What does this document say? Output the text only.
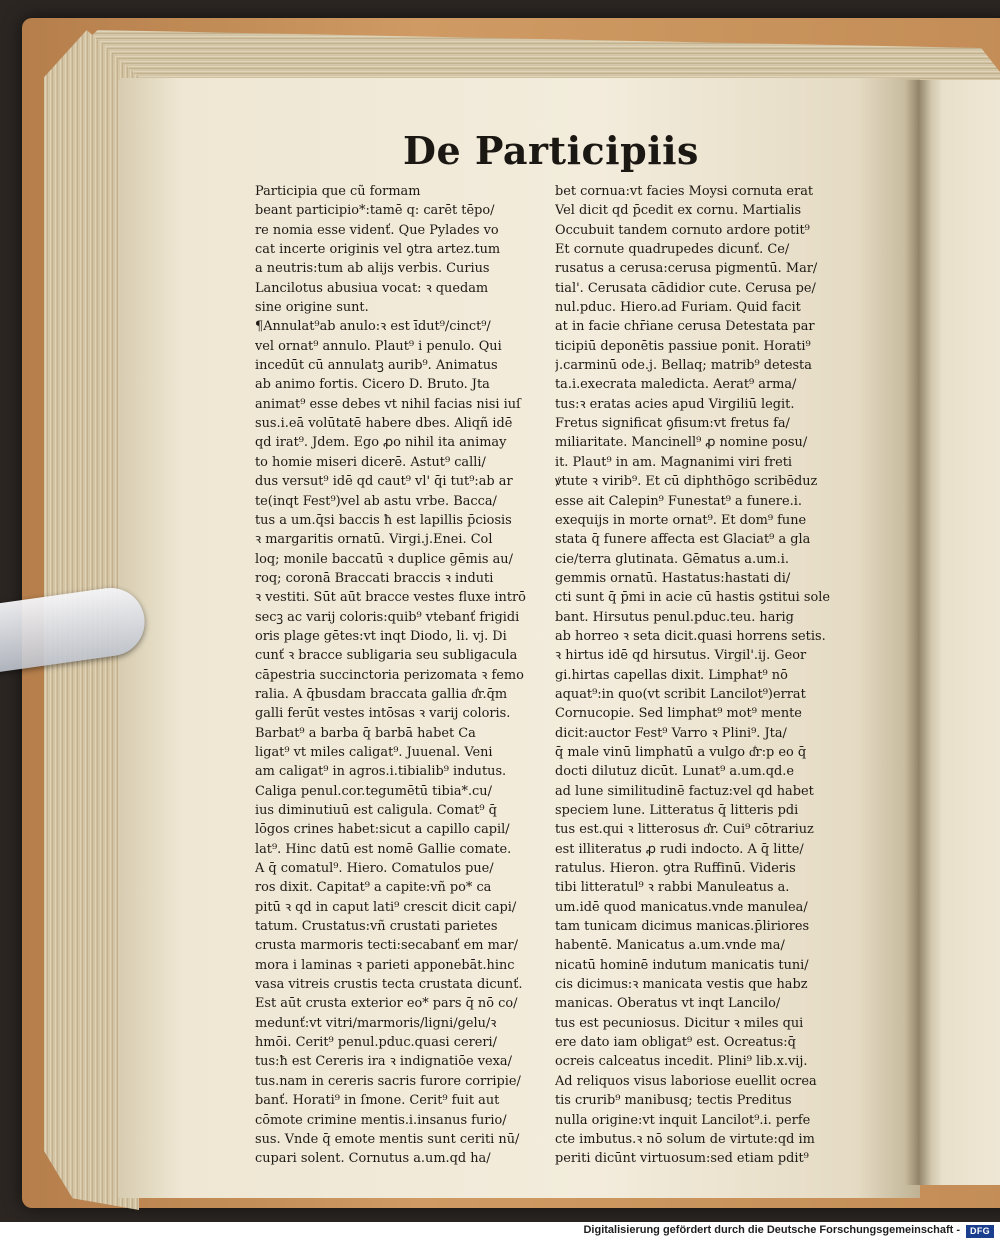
De Participiis
Participia que cũ formam
beant participio*:tamē q: carēt tēpo/
re nomia esse videnť. Que Pylades vo
cat incerte originis vel ꝯtra artez.tum
a neutris:tum ab alijs verbis. Curius
Lancilotus abusiua vocat: ꝛ quedam
sine origine sunt.
¶Annulat⁹ab anulo:ꝛ est īdut⁹/cinct⁹/
vel ornat⁹ annulo. Plaut⁹ i penulo. Qui
incedūt cū annulatꝫ aurib⁹. Animatus
ab animo fortis. Cicero D. Bruto. Jta
animat⁹ esse debes vt nihil facias nisi iuſ
sus.i.eā volūtatē habere dbes. Aliqñ idē
qd irat⁹. Jdem. Ego ꝓo nihil ita animay
to homie miseri dicerē. Astut⁹ calli/
dus versut⁹ idē qd caut⁹ vl' q̄i tut⁹:ab ar
te(inqt Fest⁹)vel ab astu vrbe. Bacca/
tus a um.q̄si baccis ħ est lapillis p̄ciosis
ꝛ margaritis ornatū. Virgi.j.Enei. Col
loq; monile baccatū ꝛ duplice gēmis au/
roq; coronā Braccati braccis ꝛ induti
ꝛ vestiti. Sūt aūt bracce vestes fluxe intrō
secꝫ ac varij coloris:quib⁹ vtebanť frigidi
oris plage gētes:vt inqt Diodo, li. vj. Di
cunť ꝛ bracce subligaria seu subligacula
cāpestria succinctoria perizomata ꝛ femo
ralia. A q̄busdam braccata gallia d͛r.q̄m
galli ferūt vestes intōsas ꝛ varij coloris.
Barbat⁹ a barba q̄ barbā habet Ca
ligat⁹ vt miles caligat⁹. Juuenal. Veni
am caligat⁹ in agros.i.tibialib⁹ indutus.
Caliga penul.cor.tegumētū tibia*.cu/
ius diminutiuū est caligula. Comat⁹ q̄
lōgos crines habet:sicut a capillo capil/
lat⁹. Hinc datū est nomē Gallie comate.
A q̄ comatul⁹. Hiero. Comatulos pue/
ros dixit. Capitat⁹ a capite:vñ po* ca
pitū ꝛ qd in caput lati⁹ crescit dicit capi/
tatum. Crustatus:vñ crustati parietes
crusta marmoris tecti:secabanť em mar/
mora i laminas ꝛ parieti apponebāt.hinc
vasa vitreis crustis tecta crustata dicunť.
Est aūt crusta exterior eo* pars q̄ nō co/
medunť:vt vitri/marmoris/ligni/gelu/ꝛ
hmōi. Cerit⁹ penul.pduc.quasi cereri/
tus:ħ est Cereris ira ꝛ indignatiōe vexa/
tus.nam in cereris sacris furore corripie/
banť. Horati⁹ in ſmone. Cerit⁹ fuit aut
cōmote crimine mentis.i.insanus furio/
sus. Vnde q̄ emote mentis sunt ceriti nū/
cupari solent. Cornutus a.um.qd ha/
bet cornua:vt facies Moysi cornuta erat
Vel dicit qd p̄cedit ex cornu. Martialis
Occubuit tandem cornuto ardore potit⁹
Et cornute quadrupedes dicunť. Ce/
rusatus a cerusa:cerusa pigmentū. Mar/
tial'. Cerusata cādidior cute. Cerusa pe/
nul.pduc. Hiero.ad Furiam. Quid facit
at in facie chr̄iane cerusa Detestata par
ticipiū deponētis passiue ponit. Horati⁹
j.carminū ode.j. Bellaq; matrib⁹ detesta
ta.i.execrata maledicta. Aerat⁹ arma/
tus:ꝛ eratas acies apud Virgiliū legit.
Fretus significat ꝯfisum:vt fretus fa/
miliaritate. Mancinell⁹ ꝓ nomine posu/
it. Plaut⁹ in am. Magnanimi viri freti
ꝟtute ꝛ virib⁹. Et cū diphthōgo scribēduz
esse ait Calepin⁹ Funestat⁹ a funere.i.
exequijs in morte ornat⁹. Et dom⁹ fune
stata q̄ funere affecta est Glaciat⁹ a gla
cie/terra glutinata. Gēmatus a.um.i.
gemmis ornatū. Hastatus:hastati di/
cti sunt q̄ p̄mi in acie cū hastis ꝯstitui sole
bant. Hirsutus penul.pduc.teu. harig
ab horreo ꝛ seta dicit.quasi horrens setis.
ꝛ hirtus idē qd hirsutus. Virgil'.ij. Geor
gi.hirtas capellas dixit. Limphat⁹ nō
aquat⁹:in quo(vt scribit Lancilot⁹)errat
Cornucopie. Sed limphat⁹ mot⁹ mente
dicit:auctor Fest⁹ Varro ꝛ Plini⁹. Jta/
q̄ male vinū limphatū a vulgo d͛r:p eo q̄
docti dilutuz dicūt. Lunat⁹ a.um.qd.e
ad lune similitudinē factuz:vel qd habet
speciem lune. Litteratus q̄ litteris pdi
tus est.qui ꝛ litterosus d͛r. Cui⁹ cōtrariuz
est illiteratus ꝓ rudi indocto. A q̄ litte/
ratulus. Hieron. ꝯtra Ruffinū. Videris
tibi litteratul⁹ ꝛ rabbi Manuleatus a.
um.idē quod manicatus.vnde manulea/
tam tunicam dicimus manicas.p̄liriores
habentē. Manicatus a.um.vnde ma/
nicatū hominē indutum manicatis tuni/
cis dicimus:ꝛ manicata vestis que habz
manicas. Oberatus vt inqt Lancilo/
tus est pecuniosus. Dicitur ꝛ miles qui
ere dato iam obligat⁹ est. Ocreatus:q̄
ocreis calceatus incedit. Plini⁹ lib.x.vij.
Ad reliquos visus laboriose euellit ocrea
tis crurib⁹ manibusq; tectis Preditus
nulla origine:vt inquit Lancilot⁹.i. perfe
cte imbutus.ꝛ nō solum de virtute:qd im
periti dicūnt virtuosum:sed etiam pdit⁹
Digitalisierung gefördert durch die Deutsche Forschungsgemeinschaft -	DFG
